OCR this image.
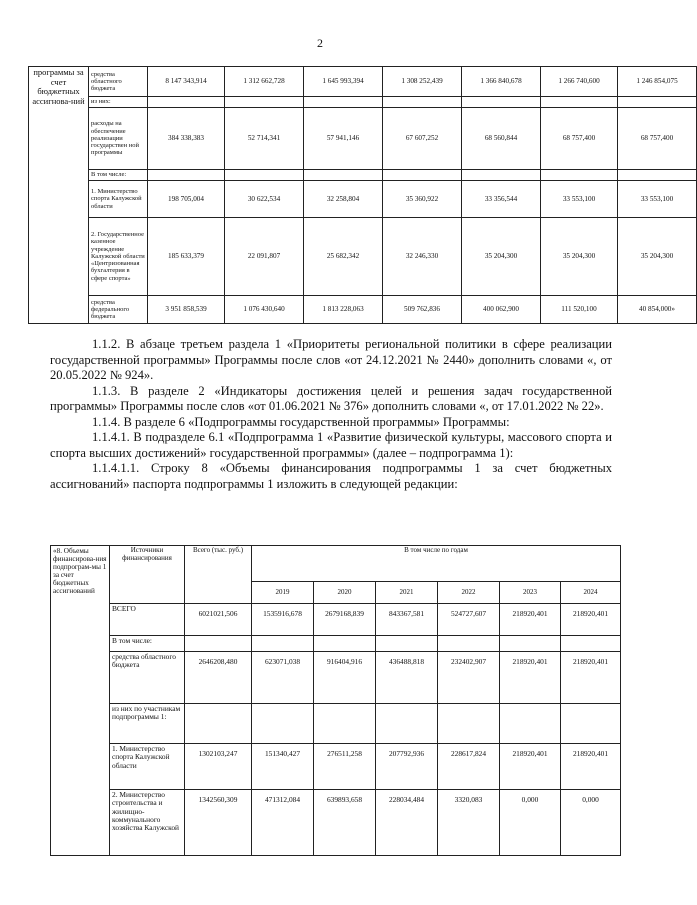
2
программы за счет бюджетных ассигнова-ний	средства областного бюджета	8 147 343,914	1 312 662,728	1 645 993,394	1 308 252,439	1 366 840,678	1 266 740,600	1 246 854,075
	из них:							
	расходы на обеспечение реализации государствен ной программы	384 338,383	52 714,341	57 941,146	67 607,252	68 560,844	68 757,400	68 757,400
	В том числе:							
	1. Министерство спорта Калужской области	198 705,004	30 622,534	32 258,804	35 360,922	33 356,544	33 553,100	33 553,100
	2. Государственное казенное учреждение Калужской области «Центризованная бухгалтерия в сфере спорта»	185 633,379	22 091,807	25 682,342	32 246,330	35 204,300	35 204,300	35 204,300
	средства федерального бюджета	3 951 858,539	1 076 430,640	1 813 228,063	509 762,836	400 062,900	111 520,100	40 854,000»

1.1.2. В абзаце третьем раздела 1 «Приоритеты региональной политики в сфере реализации государственной программы» Программы после слов «от 24.12.2021 № 2440» дополнить словами «, от 20.05.2022 № 924».

1.1.3. В разделе 2 «Индикаторы достижения целей и решения задач государственной программы» Программы после слов «от 01.06.2021 № 376» дополнить словами «, от 17.01.2022 № 22».

1.1.4. В разделе 6 «Подпрограммы государственной программы» Программы:

1.1.4.1. В подразделе 6.1 «Подпрограмма 1 «Развитие физической культуры, массового спорта и спорта высших достижений» государственной программы» (далее – подпрограмма 1):

1.1.4.1.1. Строку 8 «Объемы финансирования подпрограммы 1 за счет бюджетных ассигнований» паспорта подпрограммы 1 изложить в следующей редакции:

«8. Объемы финансирова-ния подпрограм-мы 1 за счет бюджетных ассигнований	Источники финансирования	Всего (тыс. руб.)	В том числе по годам					
			2019	2020	2021	2022	2023	2024
	ВСЕГО	6021021,506	1535916,678	2679168,839	843367,581	524727,607	218920,401	218920,401
	В том числе:							
	средства областного бюджета	2646208,480	623071,038	916404,916	436488,818	232402,907	218920,401	218920,401
	из них по участникам подпрограммы 1:							
	1. Министерство спорта Калужской области	1302103,247	151340,427	276511,258	207792,936	228617,824	218920,401	218920,401
	2. Министерство строительства и жилищно-коммунального хозяйства Калужской	1342560,309	471312,084	639893,658	228034,484	3320,083	0,000	0,000
